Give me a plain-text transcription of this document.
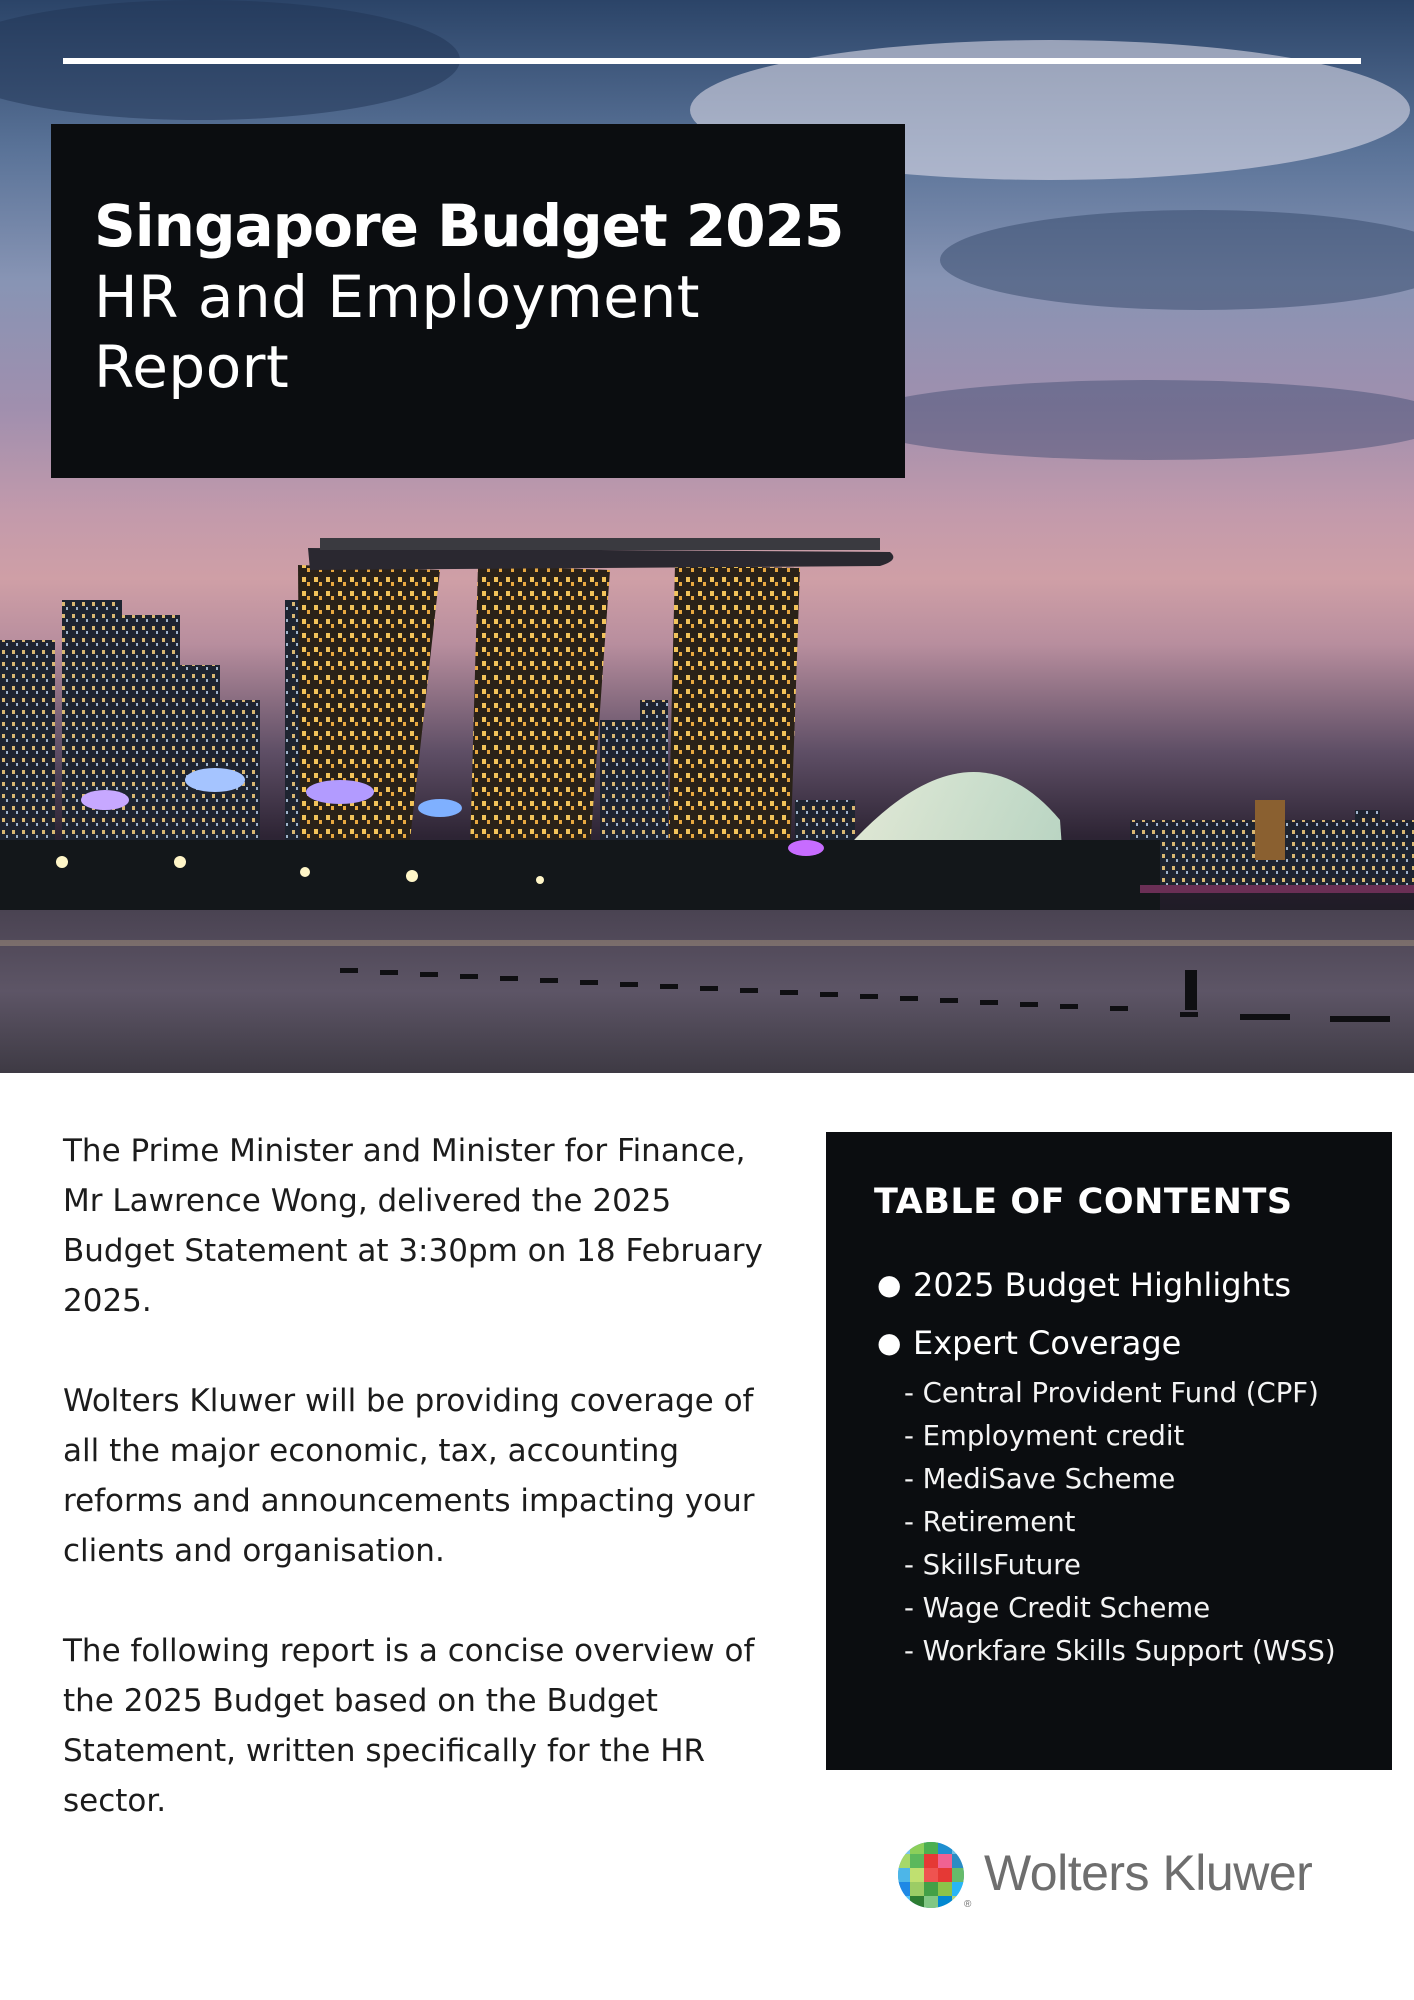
Singapore Budget 2025
HR and Employment
Report

The Prime Minister and Minister for Finance, Mr Lawrence Wong, delivered the 2025 Budget Statement at 3:30pm on 18 February 2025.

Wolters Kluwer will be providing coverage of all the major economic, tax, accounting reforms and announcements impacting your clients and organisation.

The following report is a concise overview of the 2025 Budget based on the Budget Statement, written specifically for the HR sector.

TABLE OF CONTENTS
● 2025 Budget Highlights
● Expert Coverage
- Central Provident Fund (CPF)
- Employment credit
- MediSave Scheme
- Retirement
- SkillsFuture
- Wage Credit Scheme
- Workfare Skills Support (WSS)
®
Wolters Kluwer
